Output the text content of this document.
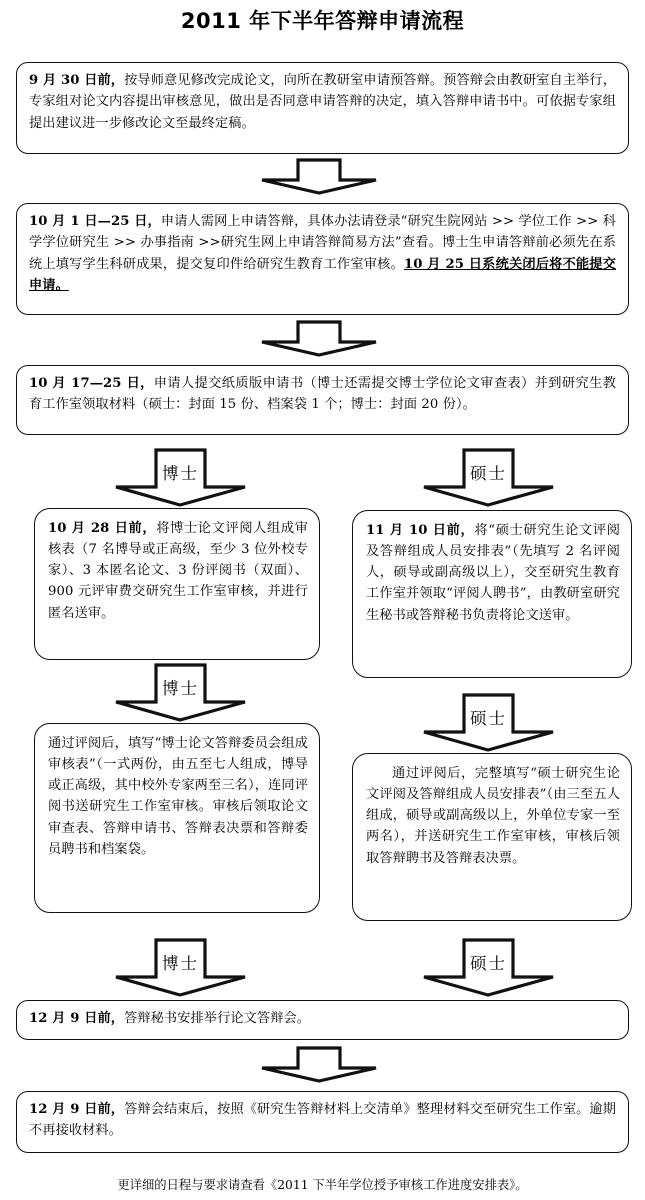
2011 年下半年答辩申请流程
9 月 30 日前，按导师意见修改完成论文，向所在教研室申请预答辩。预答辩会由教研室自主举行，专家组对论文内容提出审核意见，做出是否同意申请答辩的决定，填入答辩申请书中。可依据专家组提出建议进一步修改论文至最终定稿。
10 月 1 日—25 日，申请人需网上申请答辩，具体办法请登录“研究生院网站 >> 学位工作 >> 科学学位研究生 >> 办事指南 >>研究生网上申请答辩简易方法”查看。博士生申请答辩前必须先在系统上填写学生科研成果，提交复印件给研究生教育工作室审核。10 月 25 日系统关闭后将不能提交申请。
10 月 17—25 日，申请人提交纸质版申请书（博士还需提交博士学位论文审查表）并到研究生教育工作室领取材料（硕士：封面 15 份、档案袋 1 个；博士：封面 20 份）。
博士	硕士
10 月 28 日前，将博士论文评阅人组成审核表（7 名博导或正高级，至少 3 位外校专家）、3 本匿名论文、3 份评阅书（双面）、900 元评审费交研究生工作室审核，并进行匿名送审。
11 月 10 日前，将“硕士研究生论文评阅及答辩组成人员安排表”（先填写 2 名评阅人，硕导或副高级以上），交至研究生教育工作室并领取“评阅人聘书”，由教研室研究生秘书或答辩秘书负责将论文送审。
博士
硕士
通过评阅后，填写“博士论文答辩委员会组成审核表”（一式两份，由五至七人组成，博导或正高级，其中校外专家两至三名），连同评阅书送研究生工作室审核。审核后领取论文审查表、答辩申请书、答辩表决票和答辩委员聘书和档案袋。
通过评阅后，完整填写“硕士研究生论文评阅及答辩组成人员安排表”（由三至五人组成，硕导或副高级以上，外单位专家一至两名），并送研究生工作室审核，审核后领取答辩聘书及答辩表决票。
博士	硕士
12 月 9 日前，答辩秘书安排举行论文答辩会。
12 月 9 日前，答辩会结束后，按照《研究生答辩材料上交清单》整理材料交至研究生工作室。逾期不再接收材料。
更详细的日程与要求请查看《2011 下半年学位授予审核工作进度安排表》。
